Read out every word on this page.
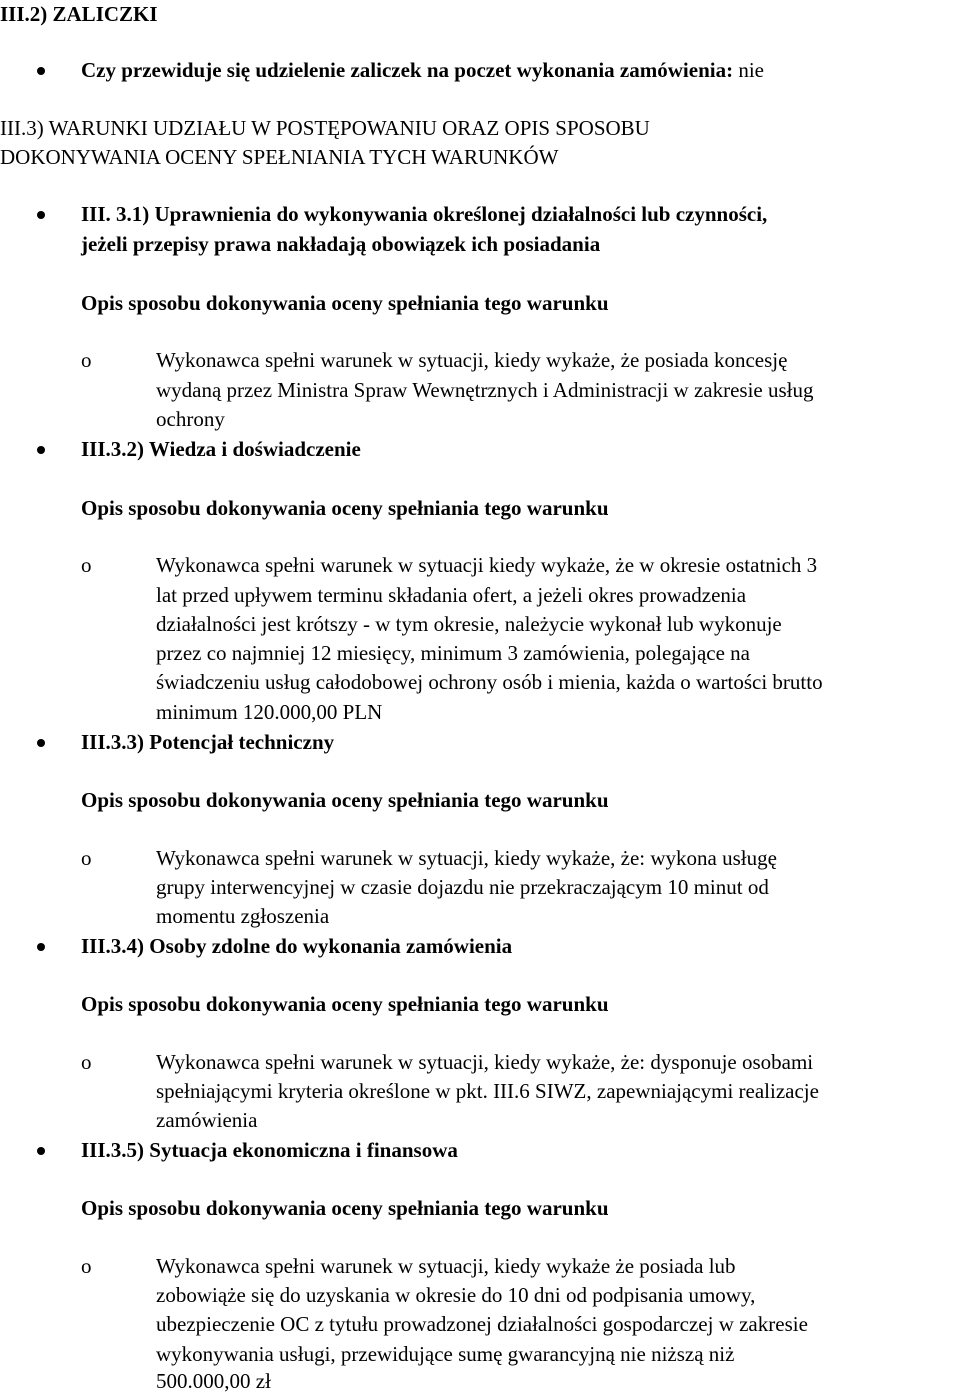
III.2) ZALICZKI
Czy przewiduje się udzielenie zaliczek na poczet wykonania zamówienia: nie
III.3) WARUNKI UDZIAŁU W POSTĘPOWANIU ORAZ OPIS SPOSOBU
DOKONYWANIA OCENY SPEŁNIANIA TYCH WARUNKÓW
III. 3.1) Uprawnienia do wykonywania określonej działalności lub czynności,
jeżeli przepisy prawa nakładają obowiązek ich posiadania
Opis sposobu dokonywania oceny spełniania tego warunku
o	Wykonawca spełni warunek w sytuacji, kiedy wykaże, że posiada koncesję
wydaną przez Ministra Spraw Wewnętrznych i Administracji w zakresie usług
ochrony
III.3.2) Wiedza i doświadczenie
Opis sposobu dokonywania oceny spełniania tego warunku
o	Wykonawca spełni warunek w sytuacji kiedy wykaże, że w okresie ostatnich 3
lat przed upływem terminu składania ofert, a jeżeli okres prowadzenia
działalności jest krótszy - w tym okresie, należycie wykonał lub wykonuje
przez co najmniej 12 miesięcy, minimum 3 zamówienia, polegające na
świadczeniu usług całodobowej ochrony osób i mienia, każda o wartości brutto
minimum 120.000,00 PLN
III.3.3) Potencjał techniczny
Opis sposobu dokonywania oceny spełniania tego warunku
o	Wykonawca spełni warunek w sytuacji, kiedy wykaże, że: wykona usługę
grupy interwencyjnej w czasie dojazdu nie przekraczającym 10 minut od
momentu zgłoszenia
III.3.4) Osoby zdolne do wykonania zamówienia
Opis sposobu dokonywania oceny spełniania tego warunku
o	Wykonawca spełni warunek w sytuacji, kiedy wykaże, że: dysponuje osobami
spełniającymi kryteria określone w pkt. III.6 SIWZ, zapewniającymi realizacje
zamówienia
III.3.5) Sytuacja ekonomiczna i finansowa
Opis sposobu dokonywania oceny spełniania tego warunku
o	Wykonawca spełni warunek w sytuacji, kiedy wykaże że posiada lub
zobowiąże się do uzyskania w okresie do 10 dni od podpisania umowy,
ubezpieczenie OC z tytułu prowadzonej działalności gospodarczej w zakresie
wykonywania usługi, przewidujące sumę gwarancyjną nie niższą niż
500.000,00 zł
